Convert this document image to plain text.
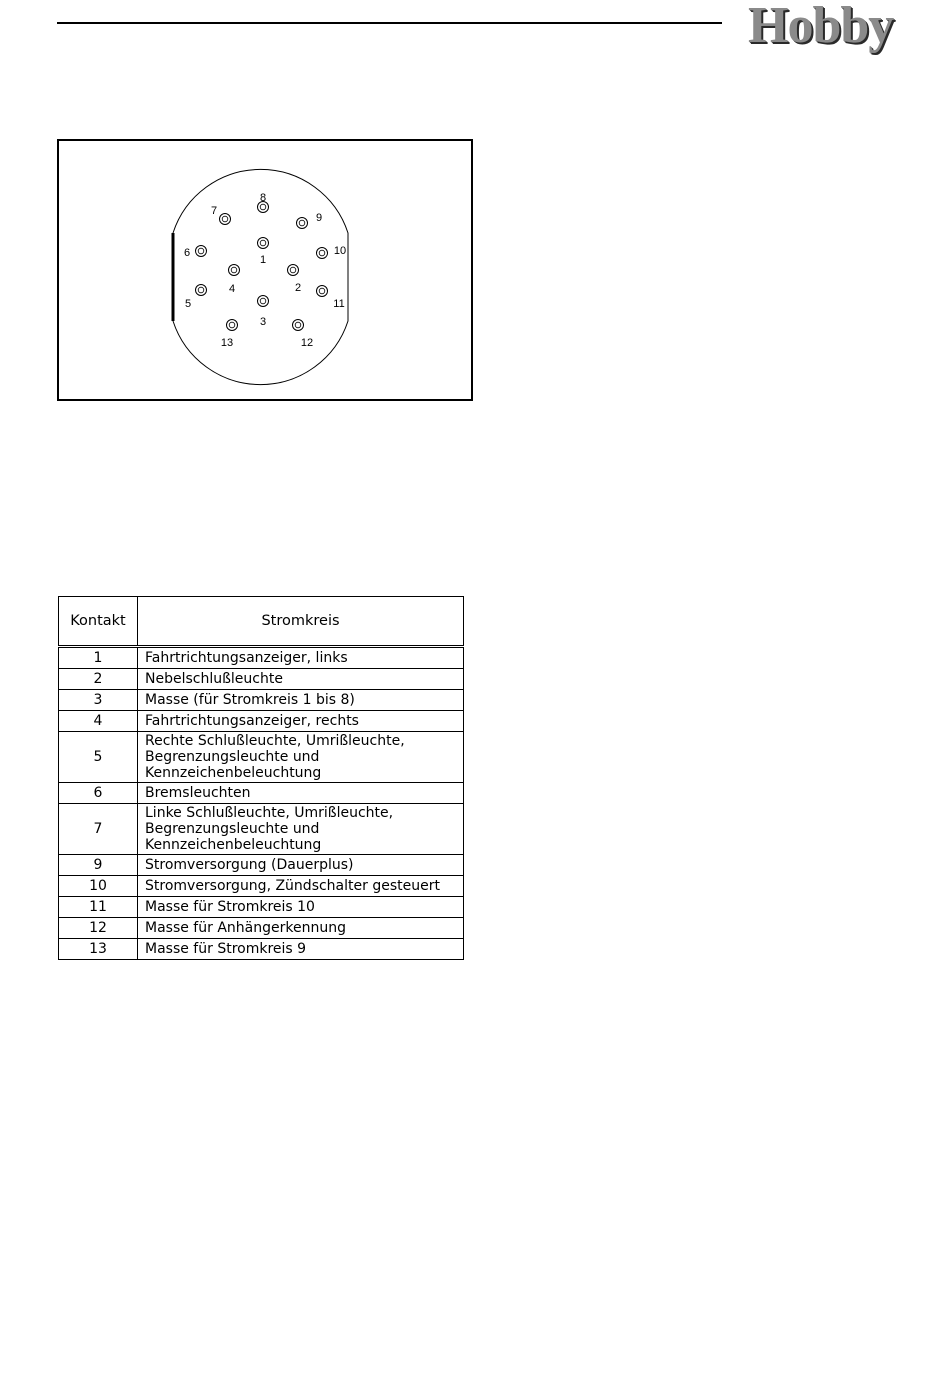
Hobby
1
2
3
4
5
6
7
8
9
10
11
12
13
Kontakt	Stromkreis
1	Fahrtrichtungsanzeiger, links
2	Nebelschlußleuchte
3	Masse (für Stromkreis 1 bis 8)
4	Fahrtrichtungsanzeiger, rechts
5	Rechte Schlußleuchte, Umrißleuchte,
Begrenzungsleuchte und
Kennzeichenbeleuchtung
6	Bremsleuchten
7	Linke Schlußleuchte, Umrißleuchte,
Begrenzungsleuchte und
Kennzeichenbeleuchtung
9	Stromversorgung (Dauerplus)
10	Stromversorgung, Zündschalter gesteuert
11	Masse für Stromkreis 10
12	Masse für Anhängerkennung
13	Masse für Stromkreis 9
